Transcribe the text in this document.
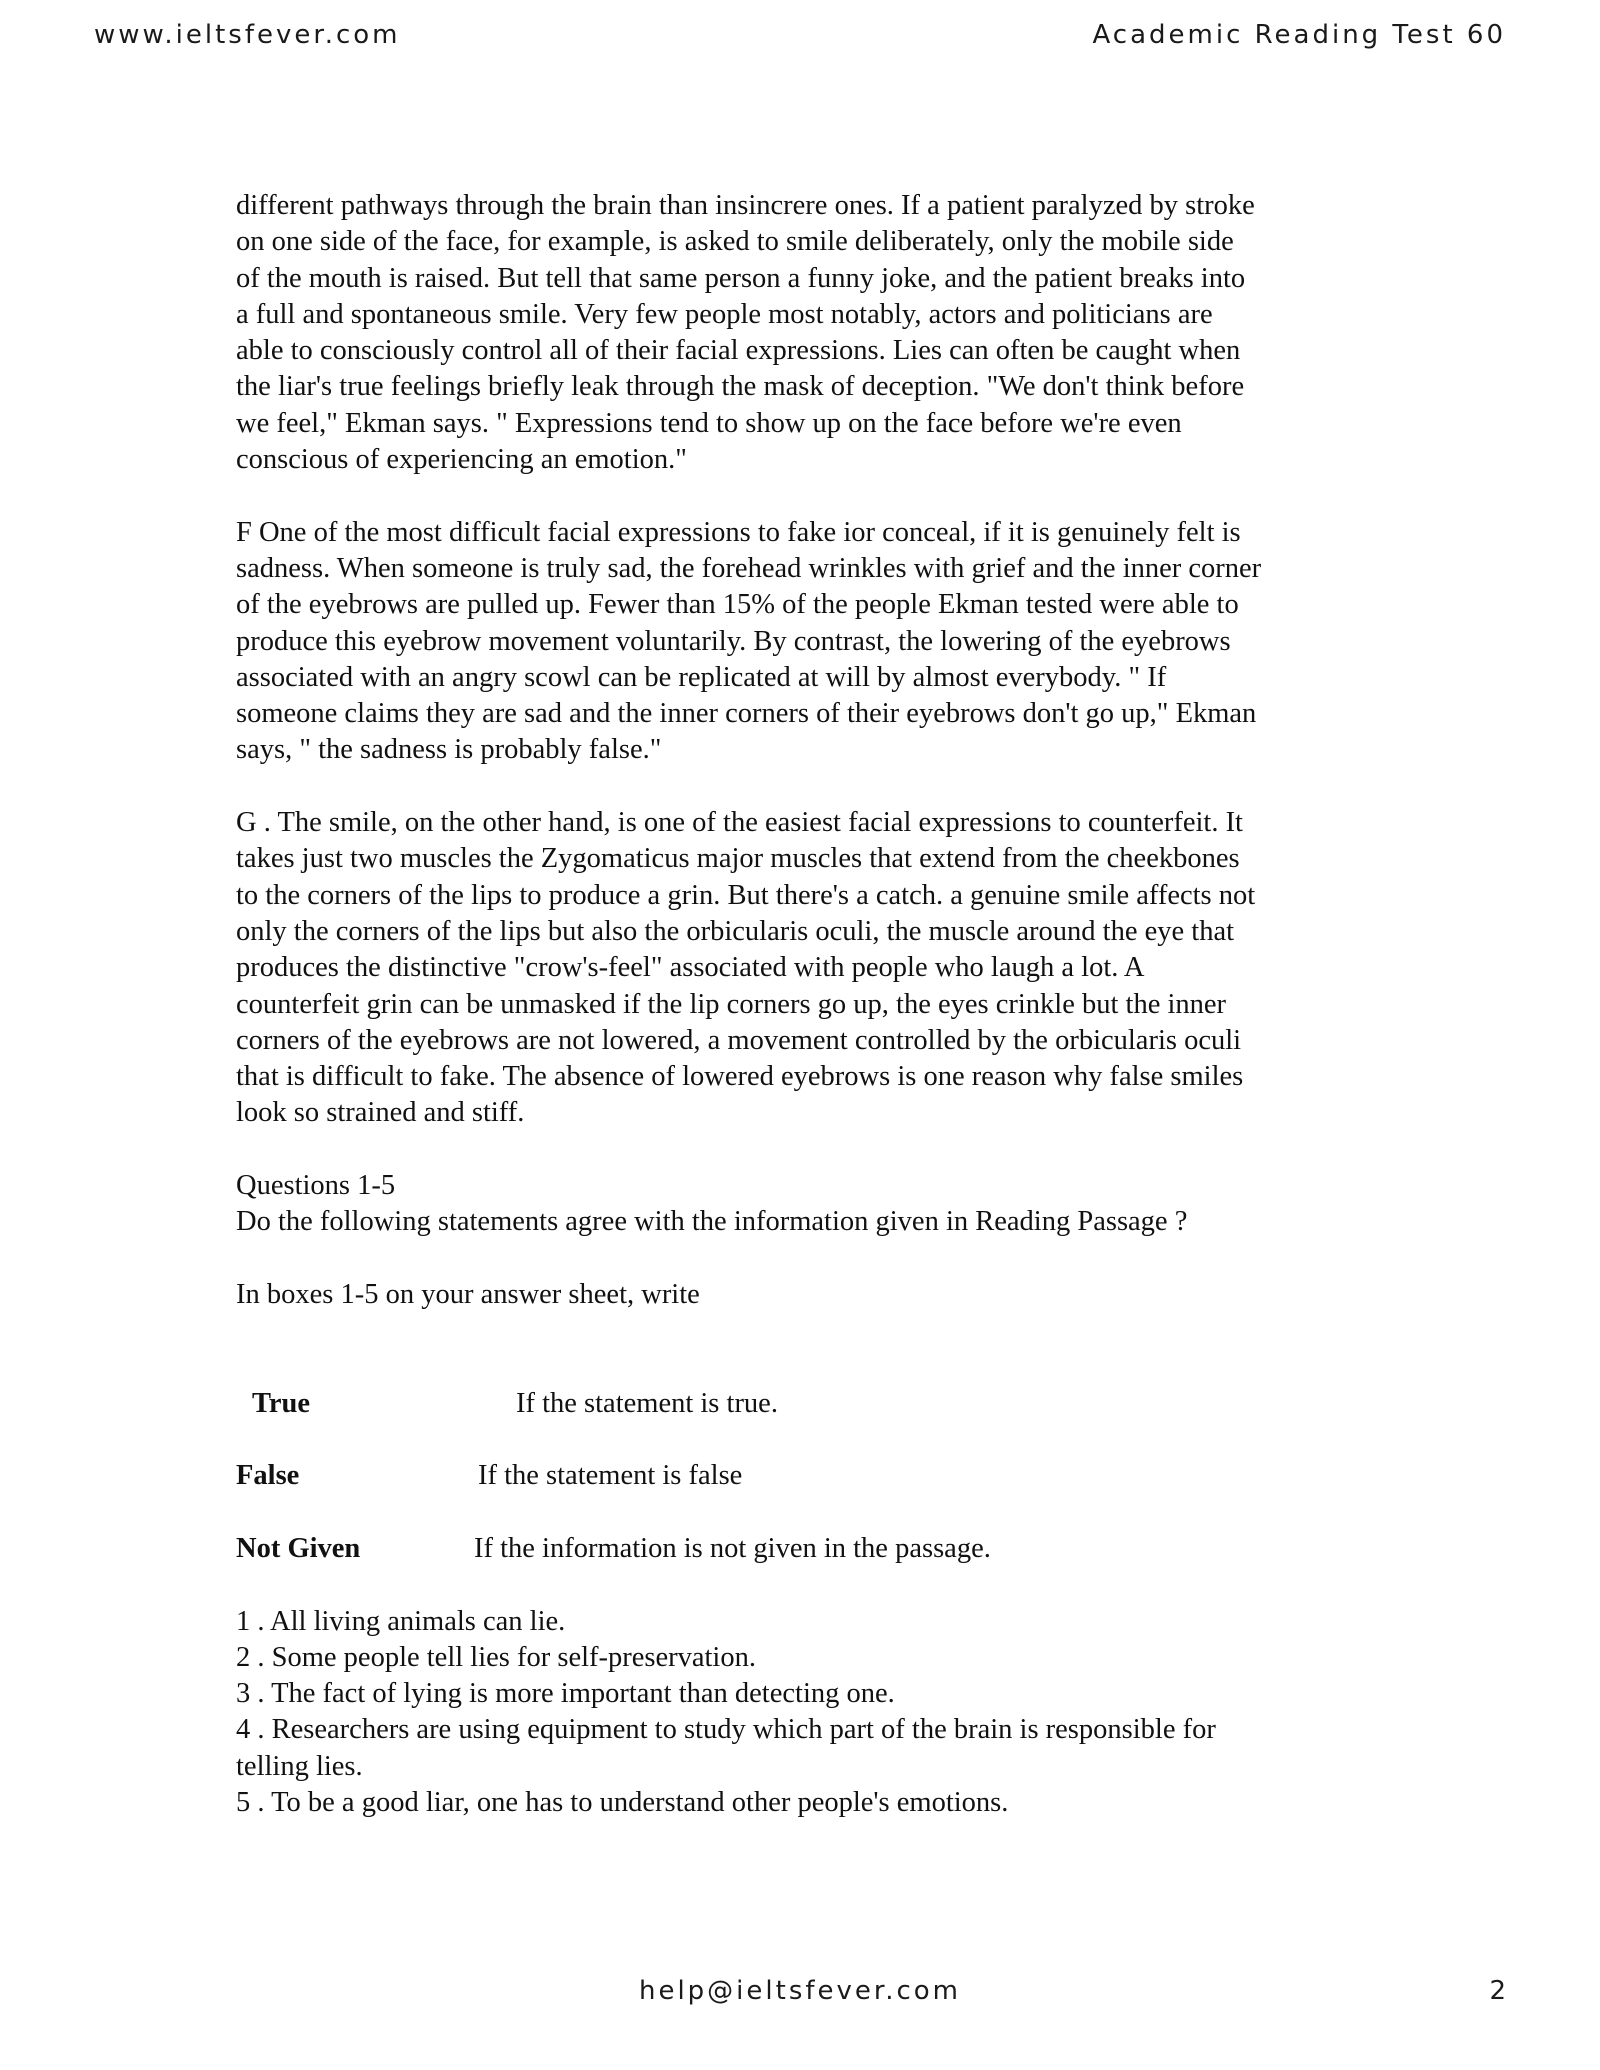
www.ieltsfever.com	Academic Reading Test 60

different pathways through the brain than insincrere ones. If a patient paralyzed by stroke
on one side of the face, for example, is asked to smile deliberately, only the mobile side
of the mouth is raised. But tell that same person a funny joke, and the patient breaks into
a full and spontaneous smile. Very few people most notably, actors and politicians are
able to consciously control all of their facial expressions. Lies can often be caught when
the liar's true feelings briefly leak through the mask of deception. "We don't think before
we feel," Ekman says. " Expressions tend to show up on the face before we're even
conscious of experiencing an emotion."

F One of the most difficult facial expressions to fake ior conceal, if it is genuinely felt is
sadness. When someone is truly sad, the forehead wrinkles with grief and the inner corner
of the eyebrows are pulled up. Fewer than 15% of the people Ekman tested were able to
produce this eyebrow movement voluntarily. By contrast, the lowering of the eyebrows
associated with an angry scowl can be replicated at will by almost everybody. " If
someone claims they are sad and the inner corners of their eyebrows don't go up," Ekman
says, " the sadness is probably false."

G . The smile, on the other hand, is one of the easiest facial expressions to counterfeit. It
takes just two muscles the Zygomaticus major muscles that extend from the cheekbones
to the corners of the lips to produce a grin. But there's a catch. a genuine smile affects not
only the corners of the lips but also the orbicularis oculi, the muscle around the eye that
produces the distinctive "crow's-feel" associated with people who laugh a lot. A
counterfeit grin can be unmasked if the lip corners go up, the eyes crinkle but the inner
corners of the eyebrows are not lowered, a movement controlled by the orbicularis oculi
that is difficult to fake. The absence of lowered eyebrows is one reason why false smiles
look so strained and stiff.

Questions 1-5
Do the following statements agree with the information given in Reading Passage ?
In boxes 1-5 on your answer sheet, write
True	If the statement is true.
False	If the statement is false
Not Given	If the information is not given in the passage.
1 . All living animals can lie.
2 . Some people tell lies for self-preservation.
3 . The fact of lying is more important than detecting one.
4 . Researchers are using equipment to study which part of the brain is responsible for
telling lies.
5 . To be a good liar, one has to understand other people's emotions.
help@ieltsfever.com	2
